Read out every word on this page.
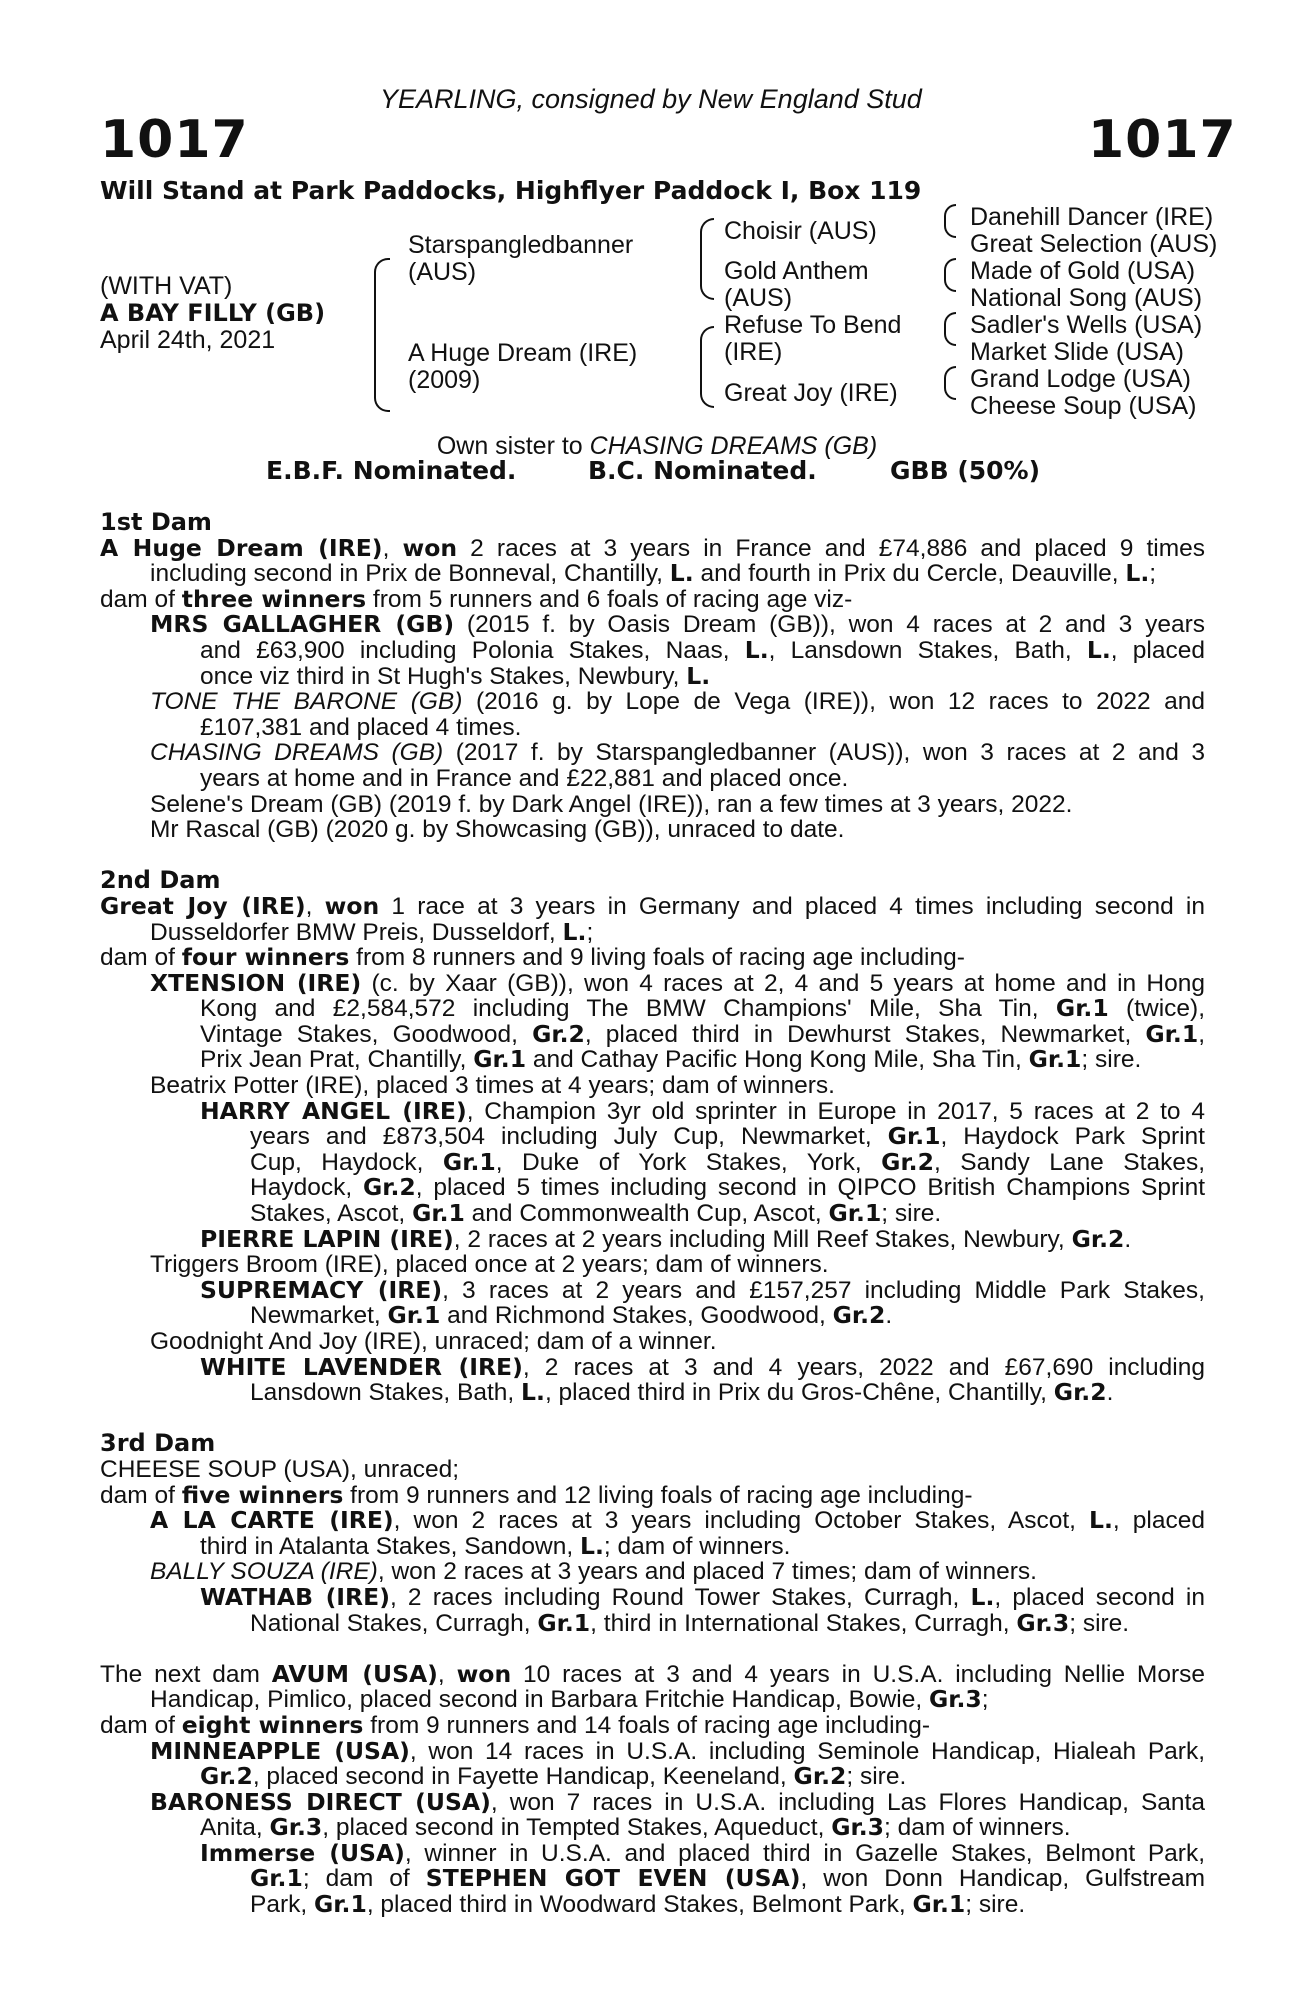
YEARLING, consigned by New England Stud
1017	1017
Will Stand at Park Paddocks, Highflyer Paddock I, Box 119
(WITH VAT)
A BAY FILLY (GB)
April 24th, 2021
Starspangledbanner
(AUS)
A Huge Dream (IRE)
(2009)
Choisir (AUS)
Gold Anthem
(AUS)
Refuse To Bend
(IRE)
Great Joy (IRE)
Danehill Dancer (IRE)
Great Selection (AUS)
Made of Gold (USA)
National Song (AUS)
Sadler's Wells (USA)
Market Slide (USA)
Grand Lodge (USA)
Cheese Soup (USA)
Own sister to CHASING DREAMS (GB)
E.B.F. Nominated.	B.C. Nominated.	GBB (50%)
1st Dam
A Huge Dream (IRE), won 2 races at 3 years in France and £74,886 and placed 9 times
including second in Prix de Bonneval, Chantilly, L. and fourth in Prix du Cercle, Deauville, L.;
dam of three winners from 5 runners and 6 foals of racing age viz-
MRS GALLAGHER (GB) (2015 f. by Oasis Dream (GB)), won 4 races at 2 and 3 years
and £63,900 including Polonia Stakes, Naas, L., Lansdown Stakes, Bath, L., placed
once viz third in St Hugh's Stakes, Newbury, L.
TONE THE BARONE (GB) (2016 g. by Lope de Vega (IRE)), won 12 races to 2022 and
£107,381 and placed 4 times.
CHASING DREAMS (GB) (2017 f. by Starspangledbanner (AUS)), won 3 races at 2 and 3
years at home and in France and £22,881 and placed once.
Selene's Dream (GB) (2019 f. by Dark Angel (IRE)), ran a few times at 3 years, 2022.
Mr Rascal (GB) (2020 g. by Showcasing (GB)), unraced to date.
2nd Dam
Great Joy (IRE), won 1 race at 3 years in Germany and placed 4 times including second in
Dusseldorfer BMW Preis, Dusseldorf, L.;
dam of four winners from 8 runners and 9 living foals of racing age including-
XTENSION (IRE) (c. by Xaar (GB)), won 4 races at 2, 4 and 5 years at home and in Hong
Kong and £2,584,572 including The BMW Champions' Mile, Sha Tin, Gr.1 (twice),
Vintage Stakes, Goodwood, Gr.2, placed third in Dewhurst Stakes, Newmarket, Gr.1,
Prix Jean Prat, Chantilly, Gr.1 and Cathay Pacific Hong Kong Mile, Sha Tin, Gr.1; sire.
Beatrix Potter (IRE), placed 3 times at 4 years; dam of winners.
HARRY ANGEL (IRE), Champion 3yr old sprinter in Europe in 2017, 5 races at 2 to 4
years and £873,504 including July Cup, Newmarket, Gr.1, Haydock Park Sprint
Cup, Haydock, Gr.1, Duke of York Stakes, York, Gr.2, Sandy Lane Stakes,
Haydock, Gr.2, placed 5 times including second in QIPCO British Champions Sprint
Stakes, Ascot, Gr.1 and Commonwealth Cup, Ascot, Gr.1; sire.
PIERRE LAPIN (IRE), 2 races at 2 years including Mill Reef Stakes, Newbury, Gr.2.
Triggers Broom (IRE), placed once at 2 years; dam of winners.
SUPREMACY (IRE), 3 races at 2 years and £157,257 including Middle Park Stakes,
Newmarket, Gr.1 and Richmond Stakes, Goodwood, Gr.2.
Goodnight And Joy (IRE), unraced; dam of a winner.
WHITE LAVENDER (IRE), 2 races at 3 and 4 years, 2022 and £67,690 including
Lansdown Stakes, Bath, L., placed third in Prix du Gros-Chêne, Chantilly, Gr.2.
3rd Dam
CHEESE SOUP (USA), unraced;
dam of five winners from 9 runners and 12 living foals of racing age including-
A LA CARTE (IRE), won 2 races at 3 years including October Stakes, Ascot, L., placed
third in Atalanta Stakes, Sandown, L.; dam of winners.
BALLY SOUZA (IRE), won 2 races at 3 years and placed 7 times; dam of winners.
WATHAB (IRE), 2 races including Round Tower Stakes, Curragh, L., placed second in
National Stakes, Curragh, Gr.1, third in International Stakes, Curragh, Gr.3; sire.
The next dam AVUM (USA), won 10 races at 3 and 4 years in U.S.A. including Nellie Morse
Handicap, Pimlico, placed second in Barbara Fritchie Handicap, Bowie, Gr.3;
dam of eight winners from 9 runners and 14 foals of racing age including-
MINNEAPPLE (USA), won 14 races in U.S.A. including Seminole Handicap, Hialeah Park,
Gr.2, placed second in Fayette Handicap, Keeneland, Gr.2; sire.
BARONESS DIRECT (USA), won 7 races in U.S.A. including Las Flores Handicap, Santa
Anita, Gr.3, placed second in Tempted Stakes, Aqueduct, Gr.3; dam of winners.
Immerse (USA), winner in U.S.A. and placed third in Gazelle Stakes, Belmont Park,
Gr.1; dam of STEPHEN GOT EVEN (USA), won Donn Handicap, Gulfstream
Park, Gr.1, placed third in Woodward Stakes, Belmont Park, Gr.1; sire.
